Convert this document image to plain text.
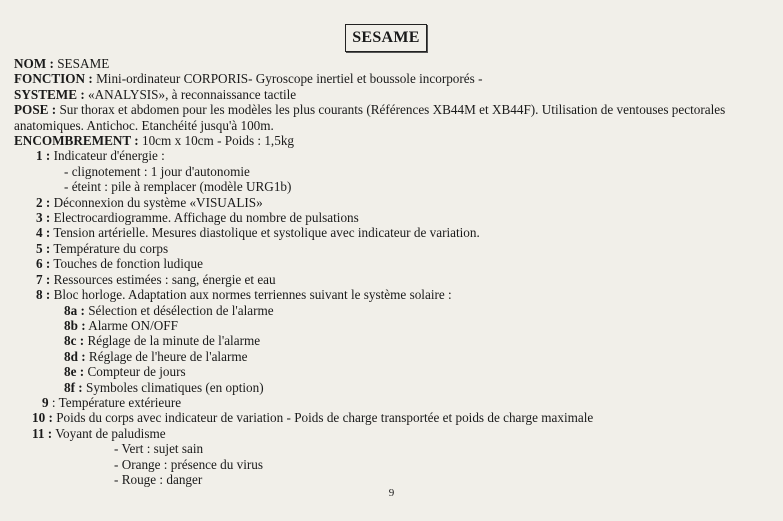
SESAME
NOM : SESAME
FONCTION : Mini-ordinateur CORPORIS- Gyroscope inertiel et boussole incorporés -
SYSTEME : «ANALYSIS», à reconnaissance tactile
POSE : Sur thorax et abdomen pour les modèles les plus courants (Références XB44M et XB44F). Utilisation de ventouses pectorales anatomiques. Antichoc. Etanchéité jusqu'à 100m.
ENCOMBREMENT : 10cm x 10cm - Poids : 1,5kg
1 : Indicateur d'énergie :
- clignotement : 1 jour d'autonomie
- éteint : pile à remplacer (modèle URG1b)
2 : Déconnexion du système «VISUALIS»
3 : Electrocardiogramme. Affichage du nombre de pulsations
4 : Tension artérielle. Mesures diastolique et systolique avec indicateur de variation.
5 : Température du corps
6 : Touches de fonction ludique
7 : Ressources estimées : sang, énergie et eau
8 : Bloc horloge. Adaptation aux normes terriennes suivant le système solaire :
8a : Sélection et désélection de l'alarme
8b : Alarme ON/OFF
8c : Réglage de la minute de l'alarme
8d : Réglage de l'heure de l'alarme
8e : Compteur de jours
8f : Symboles climatiques (en option)
9 : Température extérieure
10 : Poids du corps avec indicateur de variation - Poids de charge transportée et poids de charge maximale
11 : Voyant de paludisme
- Vert : sujet sain
- Orange : présence du virus
- Rouge : danger
9
